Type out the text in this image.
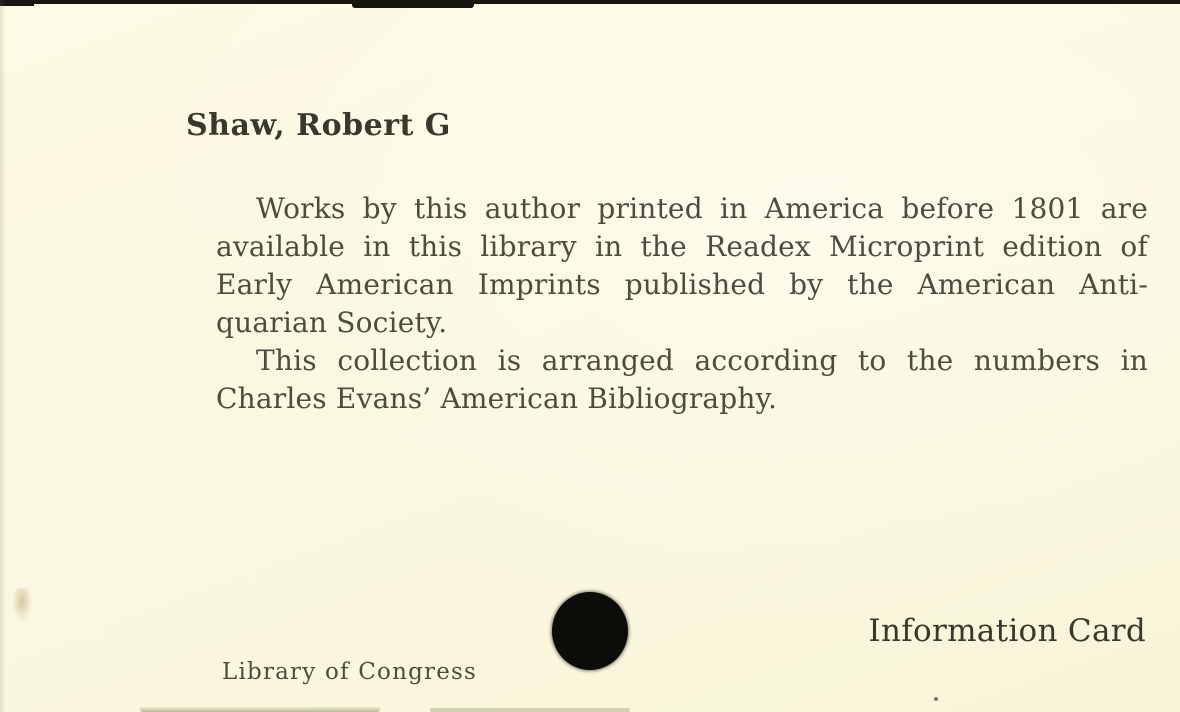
Shaw, Robert G
Works by this author printed in America before 1801 are
available in this library in the Readex Microprint edition of
Early American Imprints published by the American Anti-
quarian Society.
This collection is arranged according to the numbers in
Charles Evans’ American Bibliography.
Information Card
Library of Congress
